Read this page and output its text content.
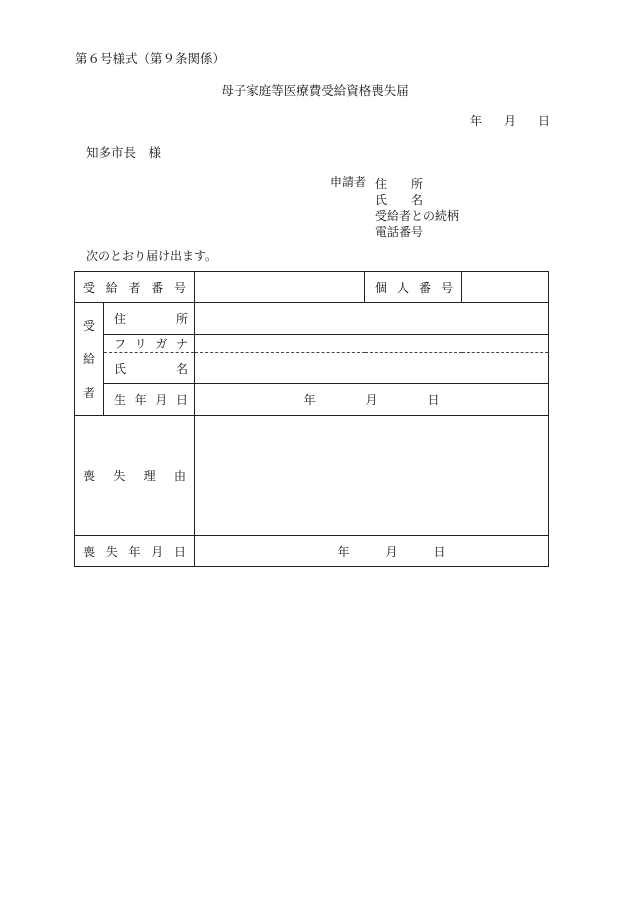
第６号様式（第９条関係）
母子家庭等医療費受給資格喪失届
年 月 日
知多市長　様
申請者 住　　所
氏　　名
受給者との続柄
電話番号
次のとおり届け出ます。
受 給 者 番 号			個 人 番 号	

受
給
者	住 所			

	フ リ ガ ナ			

	氏 名			

	生 年 月 日	年 月 日		

喪 失 理 由				

喪 失 年 月 日		年 月 日		
